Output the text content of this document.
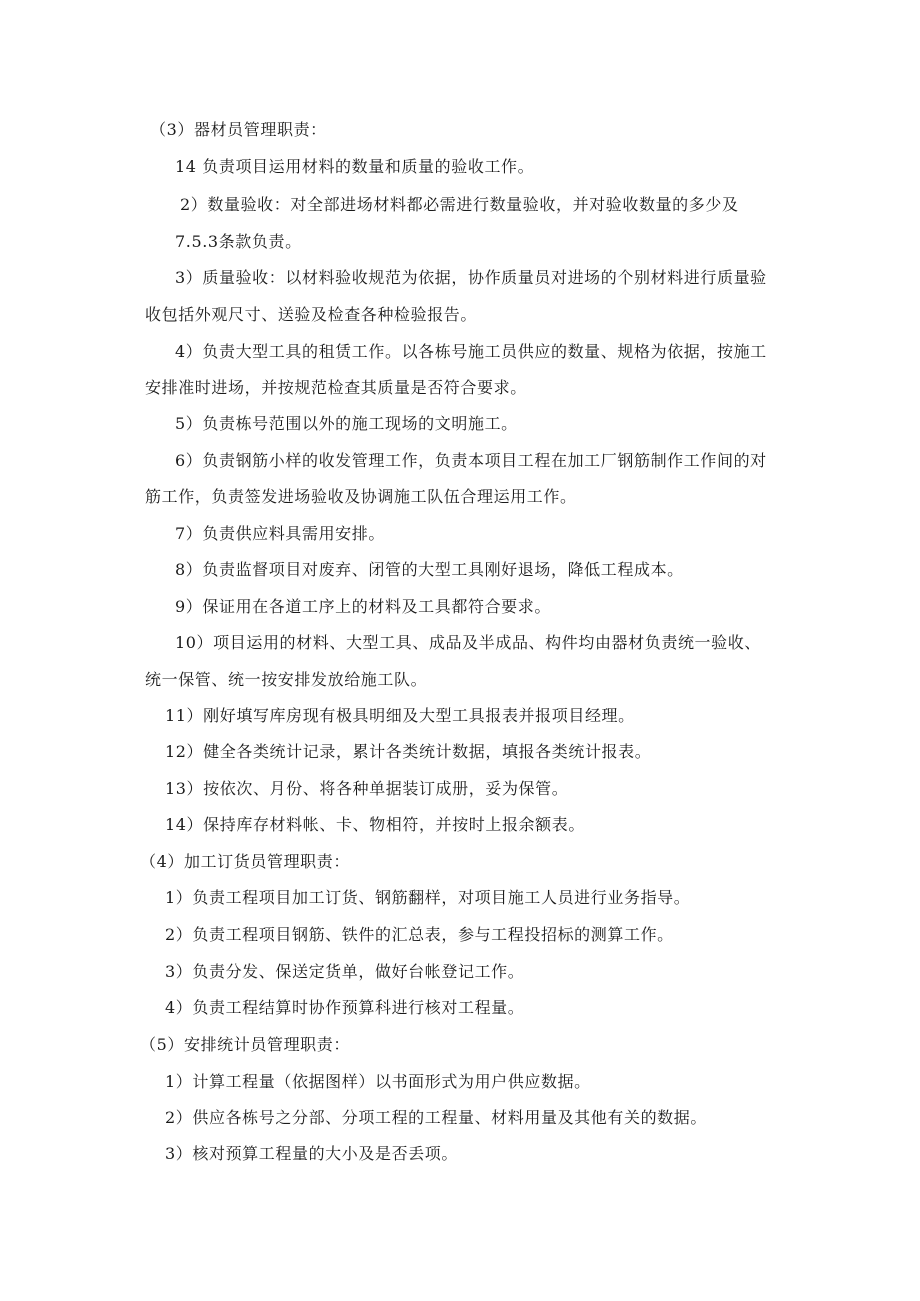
（3）器材员管理职责：
14 负责项目运用材料的数量和质量的验收工作。
2）数量验收：对全部进场材料都必需进行数量验收，并对验收数量的多少及
7.5.3条款负责。
3）质量验收：以材料验收规范为依据，协作质量员对进场的个别材料进行质量验
收包括外观尺寸、送验及检查各种检验报告。
4）负责大型工具的租赁工作。以各栋号施工员供应的数量、规格为依据，按施工
安排准时进场，并按规范检查其质量是否符合要求。
5）负责栋号范围以外的施工现场的文明施工。
6）负责钢筋小样的收发管理工作，负责本项目工程在加工厂钢筋制作工作间的对
筋工作，负责签发进场验收及协调施工队伍合理运用工作。
7）负责供应料具需用安排。
8）负责监督项目对废弃、闭管的大型工具刚好退场，降低工程成本。
9）保证用在各道工序上的材料及工具都符合要求。
10）项目运用的材料、大型工具、成品及半成品、构件均由器材负责统一验收、
统一保管、统一按安排发放给施工队。
11）刚好填写库房现有极具明细及大型工具报表并报项目经理。
12）健全各类统计记录，累计各类统计数据，填报各类统计报表。
13）按依次、月份、将各种单据装订成册，妥为保管。
14）保持库存材料帐、卡、物相符，并按时上报余额表。
（4）加工订货员管理职责：
1）负责工程项目加工订货、钢筋翻样，对项目施工人员进行业务指导。
2）负责工程项目钢筋、铁件的汇总表，参与工程投招标的测算工作。
3）负责分发、保送定货单，做好台帐登记工作。
4）负责工程结算时协作预算科进行核对工程量。
（5）安排统计员管理职责：
1）计算工程量（依据图样）以书面形式为用户供应数据。
2）供应各栋号之分部、分项工程的工程量、材料用量及其他有关的数据。
3）核对预算工程量的大小及是否丢项。
